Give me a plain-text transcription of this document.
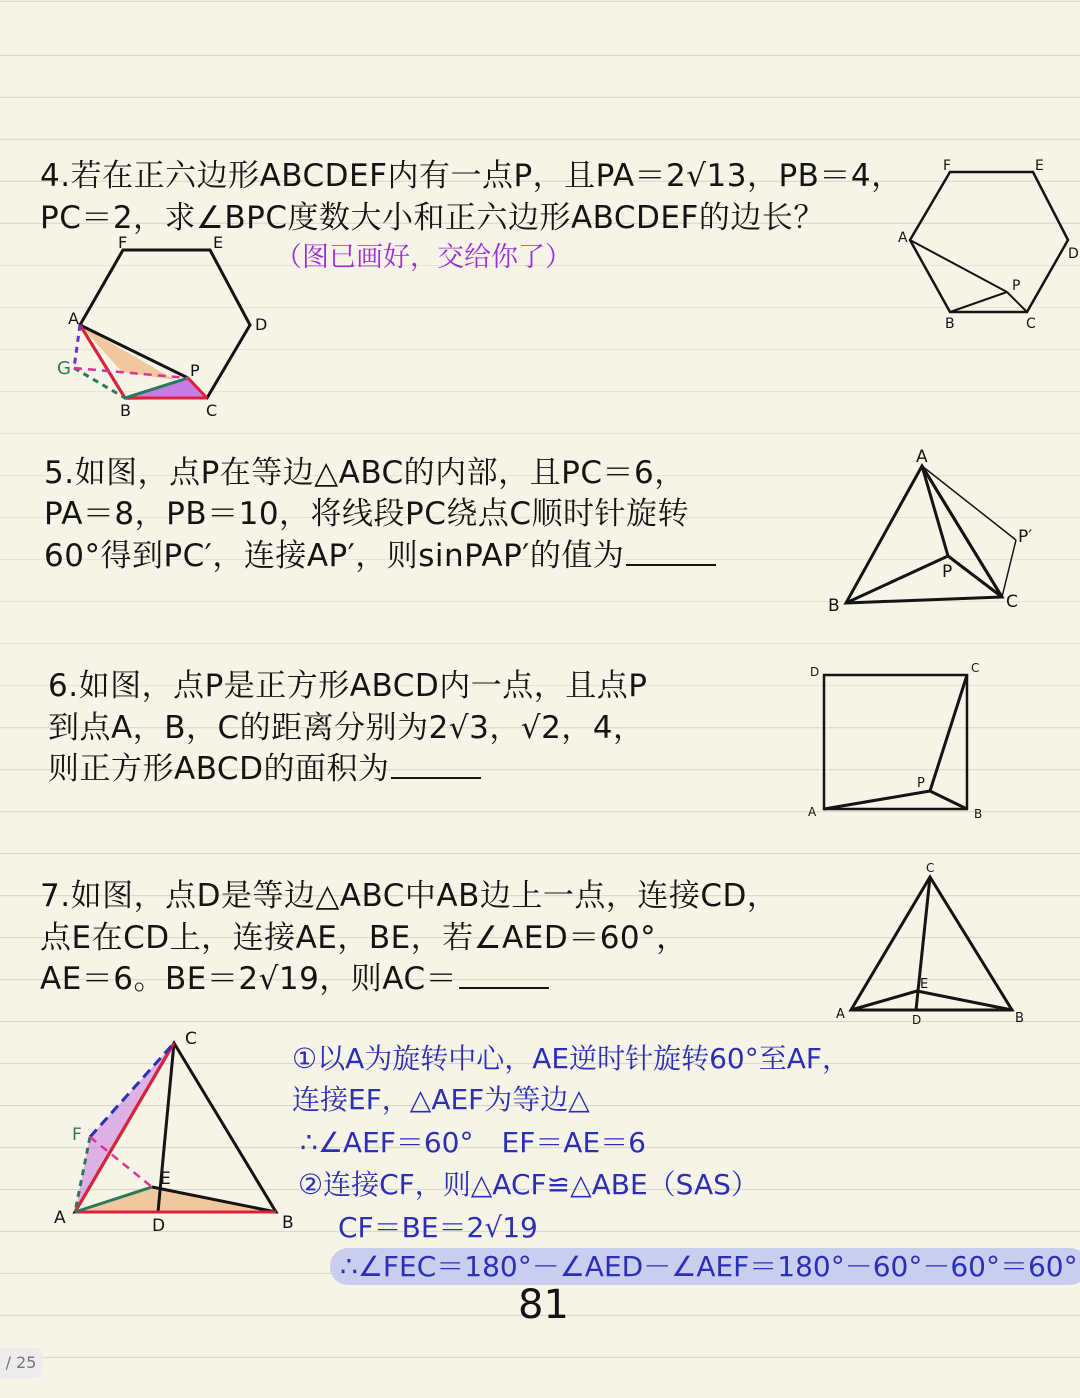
4.若在正六边形ABCDEF内有一点P，且PA＝2√13，PB＝4，
PC＝2，求∠BPC度数大小和正六边形ABCDEF的边长？
（图已画好，交给你了）
F	E
A	D
G	P
B	C
F	E
A
D
P
B	C
5.如图，点P在等边△ABC的内部，且PC＝6，
PA＝8，PB＝10，将线段PC绕点C顺时针旋转
60°得到PC′，连接AP′，则sinPAP′的值为
A
B	C
P
P′
6.如图，点P是正方形ABCD内一点，且点P
到点A，B，C的距离分别为2√3，√2，4，
则正方形ABCD的面积为
D	C
A	B
P
7.如图，点D是等边△ABC中AB边上一点，连接CD，
点E在CD上，连接AE，BE，若∠AED＝60°，
AE＝6。BE＝2√19，则AC＝
C
A	B
D
E
C
F
E
A	D	B
①以A为旋转中心，AE逆时针旋转60°至AF，
连接EF，△AEF为等边△
∴∠AEF＝60°　EF＝AE＝6
②连接CF，则△ACF≌△ABE（SAS）
CF＝BE＝2√19
∴∠FEC＝180°－∠AED－∠AEF＝180°－60°－60°＝60°
81
/ 25
